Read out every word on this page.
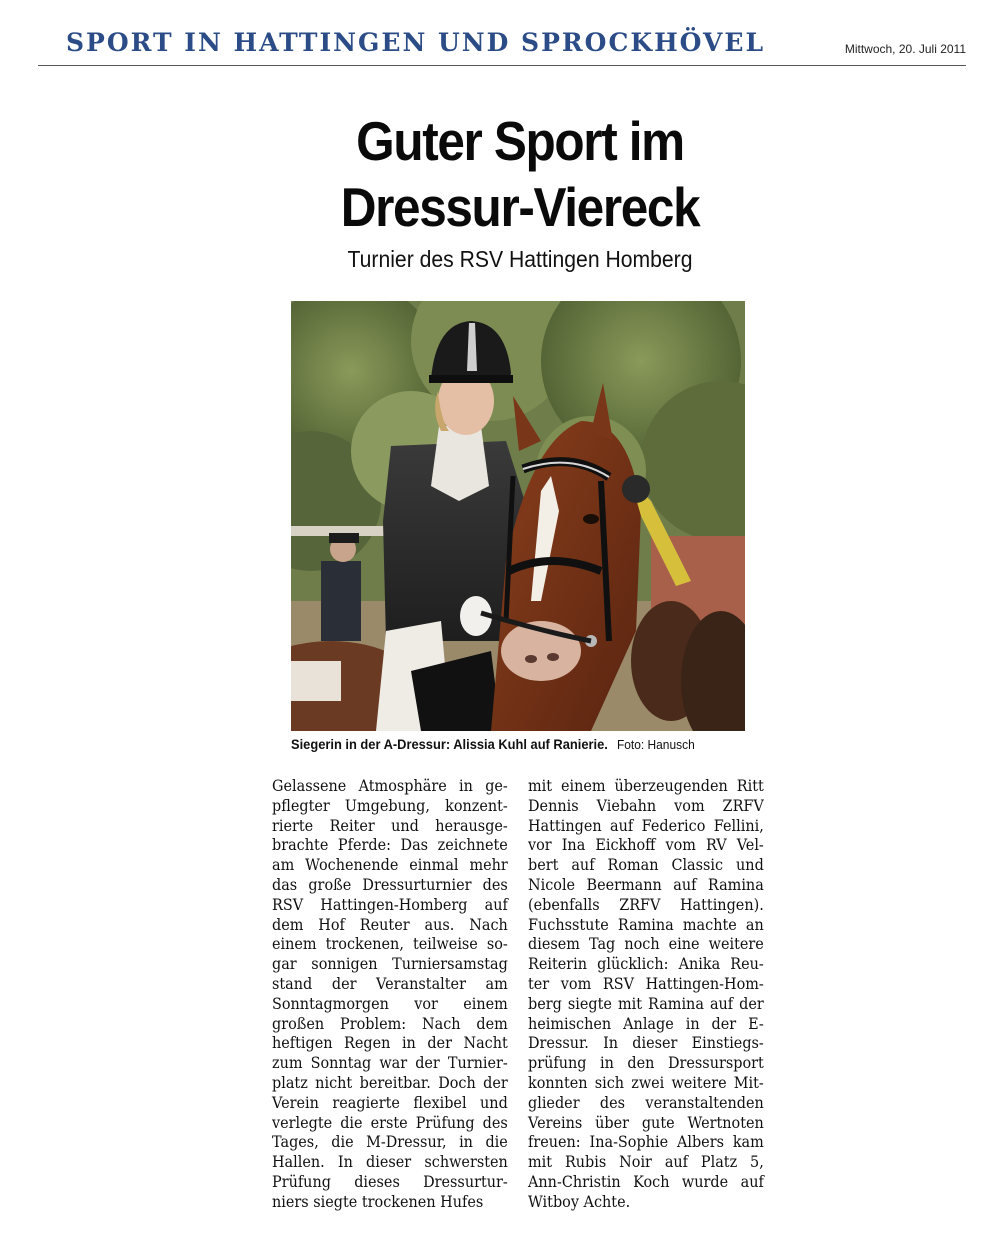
SPORT IN HATTINGEN UND SPROCKHÖVEL	Mittwoch, 20. Juli 2011
Guter Sport im
Dressur-Viereck
Turnier des RSV Hattingen Homberg
Siegerin in der A-Dressur: Alissia Kuhl auf Ranierie. Foto: Hanusch
Gelassene Atmosphäre in ge-
pflegter Umgebung, konzent-
rierte Reiter und herausge-
brachte Pferde: Das zeichnete
am Wochenende einmal mehr
das große Dressurturnier des
RSV Hattingen-Homberg auf
dem Hof Reuter aus. Nach
einem trockenen, teilweise so-
gar sonnigen Turniersamstag
stand der Veranstalter am
Sonntagmorgen vor einem
großen Problem: Nach dem
heftigen Regen in der Nacht
zum Sonntag war der Turnier-
platz nicht bereitbar. Doch der
Verein reagierte flexibel und
verlegte die erste Prüfung des
Tages, die M-Dressur, in die
Hallen. In dieser schwersten
Prüfung dieses Dressurtur-
niers siegte trockenen Hufes
mit einem überzeugenden Ritt
Dennis Viebahn vom ZRFV
Hattingen auf Federico Fellini,
vor Ina Eickhoff vom RV Vel-
bert auf Roman Classic und
Nicole Beermann auf Ramina
(ebenfalls ZRFV Hattingen).
Fuchsstute Ramina machte an
diesem Tag noch eine weitere
Reiterin glücklich: Anika Reu-
ter vom RSV Hattingen-Hom-
berg siegte mit Ramina auf der
heimischen Anlage in der E-
Dressur. In dieser Einstiegs-
prüfung in den Dressursport
konnten sich zwei weitere Mit-
glieder des veranstaltenden
Vereins über gute Wertnoten
freuen: Ina-Sophie Albers kam
mit Rubis Noir auf Platz 5,
Ann-Christin Koch wurde auf
Witboy Achte.
